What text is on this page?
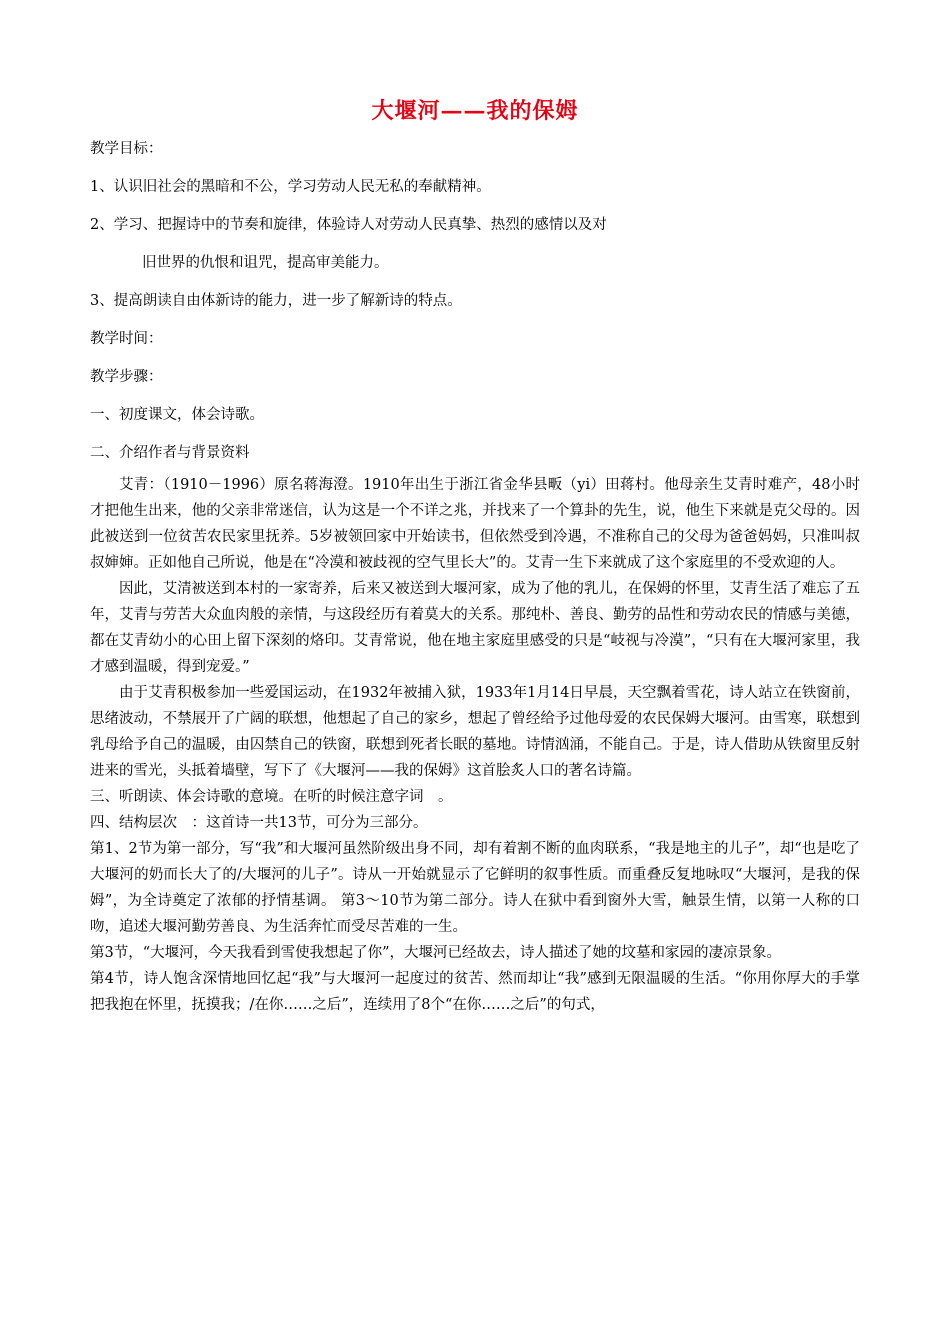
大堰河——我的保姆

教学目标：

1、认识旧社会的黑暗和不公，学习劳动人民无私的奉献精神。

2、学习、把握诗中的节奏和旋律，体验诗人对劳动人民真挚、热烈的感情以及对

旧世界的仇恨和诅咒，提高审美能力。

3、提高朗读自由体新诗的能力，进一步了解新诗的特点。

教学时间：

教学步骤：

一、初度课文，体会诗歌。

二、介绍作者与背景资料

艾青：（1910－1996）原名蒋海澄。1910年出生于浙江省金华县畈（yi）田蒋村。他母亲生艾青时难产，48小时才把他生出来，他的父亲非常迷信，认为这是一个不详之兆，并找来了一个算卦的先生，说，他生下来就是克父母的。因此被送到一位贫苦农民家里抚养。5岁被领回家中开始读书，但依然受到冷遇，不准称自己的父母为爸爸妈妈，只准叫叔叔婶婶。正如他自己所说，他是在“冷漠和被歧视的空气里长大”的。艾青一生下来就成了这个家庭里的不受欢迎的人。

因此，艾清被送到本村的一家寄养，后来又被送到大堰河家，成为了他的乳儿，在保姆的怀里，艾青生活了难忘了五年，艾青与劳苦大众血肉般的亲情，与这段经历有着莫大的关系。那纯朴、善良、勤劳的品性和劳动农民的情感与美德，都在艾青幼小的心田上留下深刻的烙印。艾青常说，他在地主家庭里感受的只是“岐视与冷漠”，“只有在大堰河家里，我才感到温暖，得到宠爱。”

由于艾青积极参加一些爱国运动，在1932年被捕入狱，1933年1月14日早晨，天空飘着雪花，诗人站立在铁窗前，思绪波动，不禁展开了广阔的联想，他想起了自己的家乡，想起了曾经给予过他母爱的农民保姆大堰河。由雪寒，联想到乳母给予自己的温暖，由囚禁自己的铁窗，联想到死者长眠的墓地。诗情汹涌，不能自己。于是，诗人借助从铁窗里反射进来的雪光，头抵着墙壁，写下了《大堰河——我的保姆》这首脍炙人口的著名诗篇。

三、听朗读、体会诗歌的意境。在听的时候注意字词　。

四、结构层次　：这首诗一共13节，可分为三部分。

第1、2节为第一部分，写“我”和大堰河虽然阶级出身不同，却有着割不断的血肉联系，“我是地主的儿子”，却“也是吃了大堰河的奶而长大了的/大堰河的儿子”。诗从一开始就显示了它鲜明的叙事性质。而重叠反复地咏叹“大堰河，是我的保姆”，为全诗奠定了浓郁的抒情基调。 第3～10节为第二部分。诗人在狱中看到窗外大雪，触景生情，以第一人称的口吻，追述大堰河勤劳善良、为生活奔忙而受尽苦难的一生。

第3节，“大堰河，今天我看到雪使我想起了你”，大堰河已经故去，诗人描述了她的坟墓和家园的凄凉景象。

第4节，诗人饱含深情地回忆起“我”与大堰河一起度过的贫苦、然而却让“我”感到无限温暖的生活。“你用你厚大的手掌把我抱在怀里，抚摸我；/在你……之后”，连续用了8个“在你……之后”的句式，
